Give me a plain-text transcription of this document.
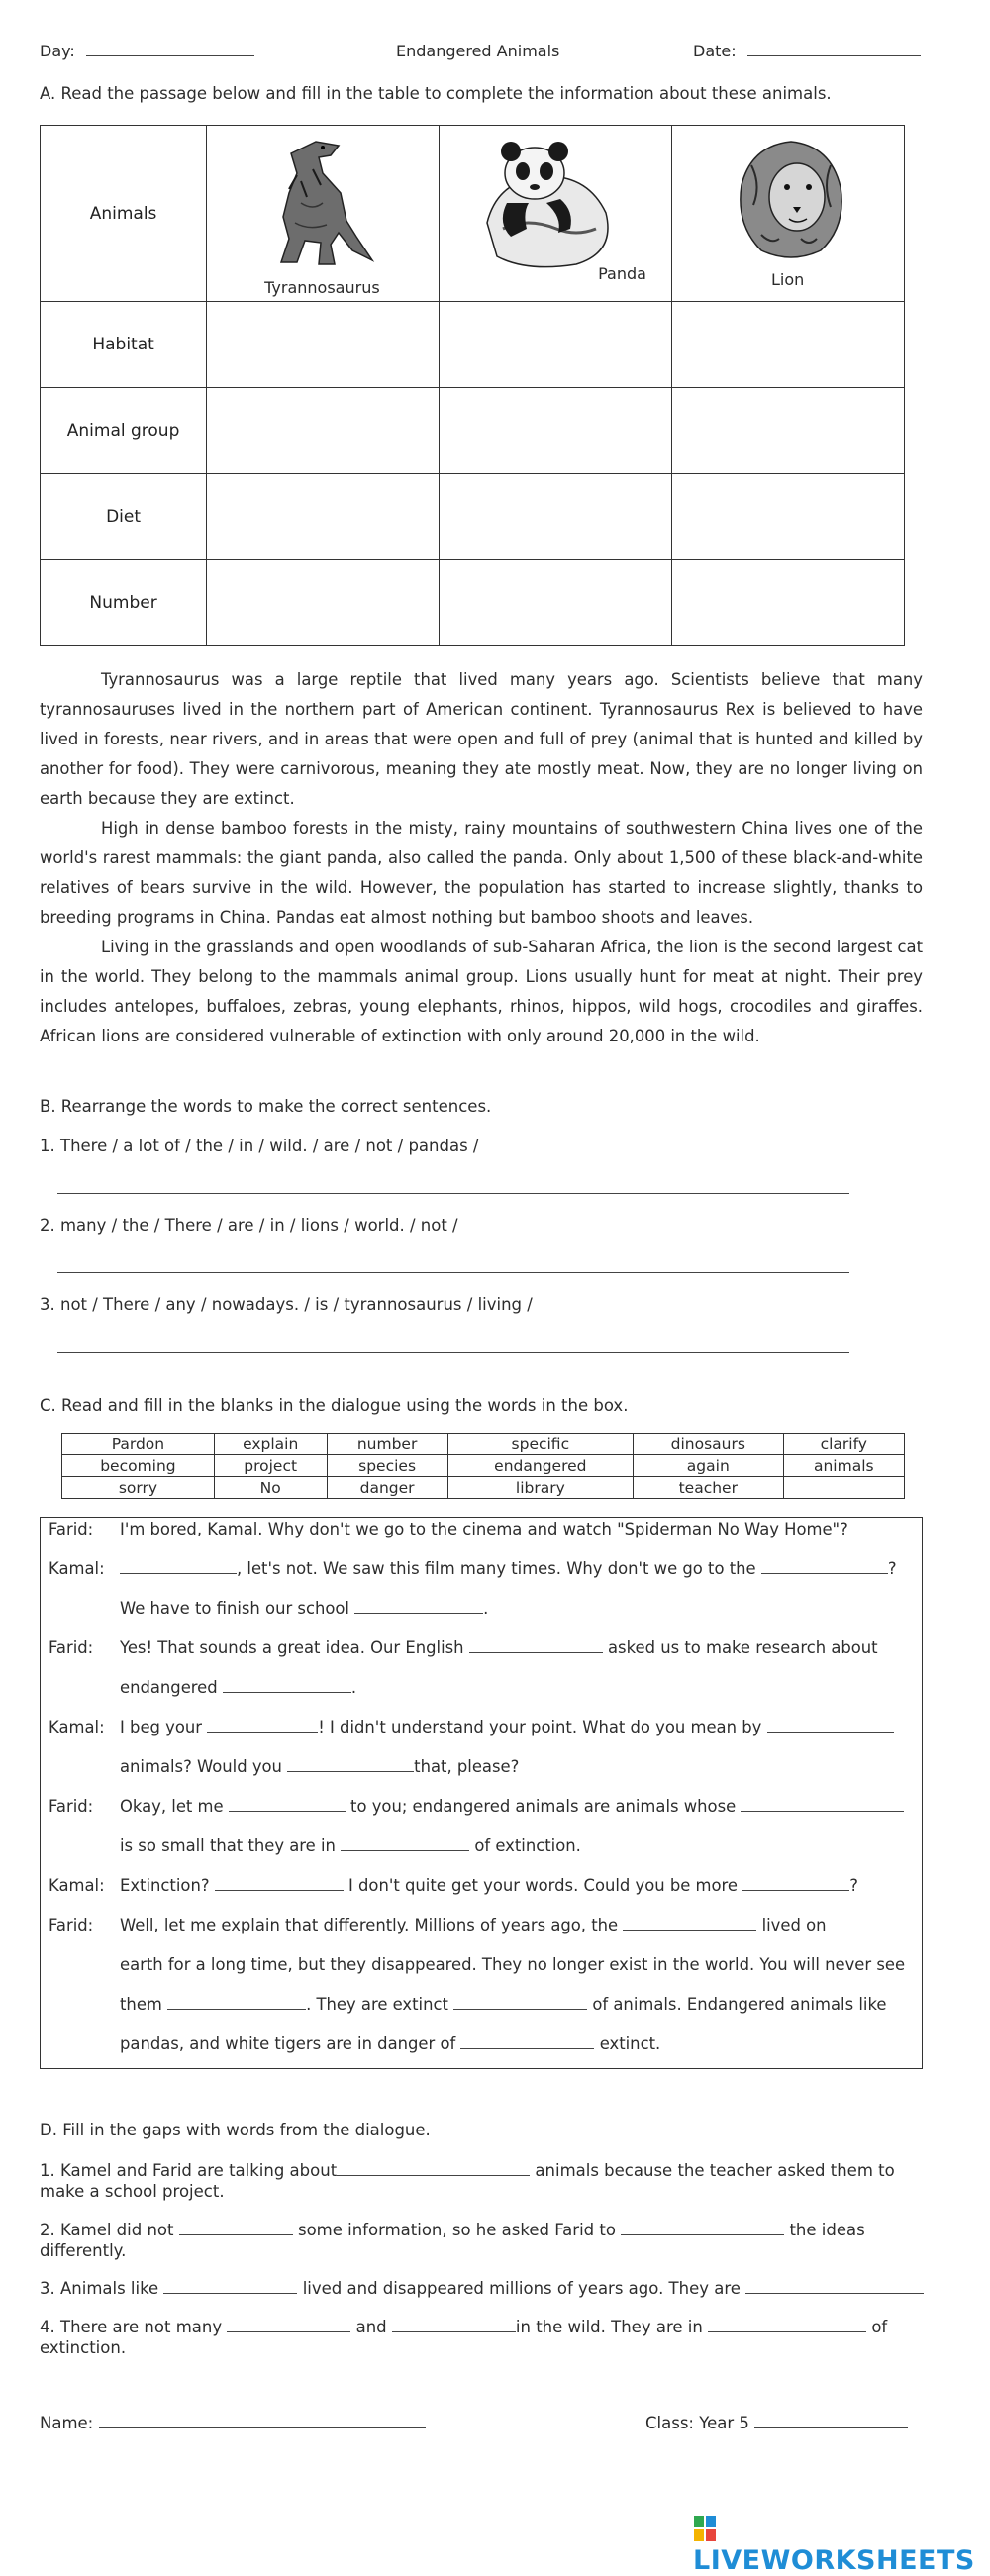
Day:	Endangered Animals	Date:
A. Read the passage below and fill in the table to complete the information about these animals.
Animals	Tyrannosaurus	Panda	Lion

Habitat			
Animal group			
Diet			
Number			

Tyrannosaurus was a large reptile that lived many years ago. Scientists believe that many tyrannosauruses lived in the northern part of American continent. Tyrannosaurus Rex is believed to have lived in forests, near rivers, and in areas that were open and full of prey (animal that is hunted and killed by another for food). They were carnivorous, meaning they ate mostly meat. Now, they are no longer living on earth because they are extinct.

High in dense bamboo forests in the misty, rainy mountains of southwestern China lives one of the world's rarest mammals: the giant panda, also called the panda. Only about 1,500 of these black-and-white relatives of bears survive in the wild. However, the population has started to increase slightly, thanks to breeding programs in China. Pandas eat almost nothing but bamboo shoots and leaves.

Living in the grasslands and open woodlands of sub-Saharan Africa, the lion is the second largest cat in the world. They belong to the mammals animal group. Lions usually hunt for meat at night. Their prey includes antelopes, buffaloes, zebras, young elephants, rhinos, hippos, wild hogs, crocodiles and giraffes. African lions are considered vulnerable of extinction with only around 20,000 in the wild.

B. Rearrange the words to make the correct sentences.
1. There / a lot of / the / in / wild. / are / not / pandas /
2. many / the / There / are / in / lions / world. / not /
3. not / There / any / nowadays. / is / tyrannosaurus / living /
C. Read and fill in the blanks in the dialogue using the words in the box.
Pardon	explain	number	specific	dinosaurs	clarify
becoming	project	species	endangered	again	animals
sorry	No	danger	library	teacher	
Farid: I'm bored, Kamal. Why don't we go to the cinema and watch "Spiderman No Way Home"?
Kamal:	, let's not. We saw this film many times. Why don't we go to the	?
We have to finish our school	.
Farid: Yes! That sounds a great idea. Our English	asked us to make research about
endangered	.
Kamal: I beg your	! I didn't understand your point. What do you mean by
animals? Would you	that, please?
Farid: Okay, let me	to you; endangered animals are animals whose
is so small that they are in	of extinction.
Kamal: Extinction?	I don't quite get your words. Could you be more	?
Farid: Well, let me explain that differently. Millions of years ago, the	lived on
earth for a long time, but they disappeared. They no longer exist in the world. You will never see
them	. They are extinct	of animals. Endangered animals like
pandas, and white tigers are in danger of	extinct.
D. Fill in the gaps with words from the dialogue.
1. Kamel and Farid are talking about	animals because the teacher asked them to
make a school project.
2. Kamel did not	some information, so he asked Farid to	the ideas
differently.
3. Animals like	lived and disappeared millions of years ago. They are
4. There are not many	and	in the wild. They are in	of
extinction.
Name:	Class: Year 5
LIVEWORKSHEETS
